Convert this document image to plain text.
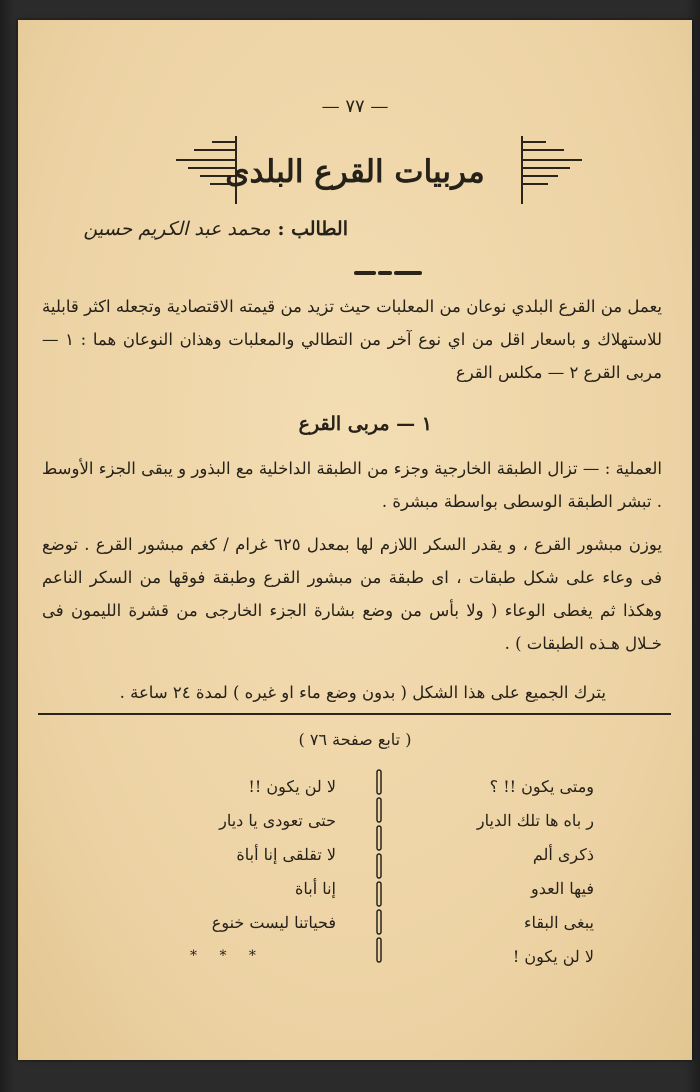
— ٧٧ —
مربيات القرع البلدى
الطالب : محمد عبد الكريم حسين
يعمل من القرع البلدي نوعان من المعلبات حيث تزيد من قيمته الاقتصادية وتجعله اكثر قابلية للاستهلاك و باسعار اقل من اي نوع آخر من التطالي والمعلبات وهذان النوعان هما : ١ — مربى القرع ٢ — مكلس القرع
١ — مربى القرع
العملية : — تزال الطبقة الخارجية وجزء من الطبقة الداخلية مع البذور و يبقى الجزء الأوسط . تبشر الطبقة الوسطى بواسطة مبشرة .
يوزن مبشور القرع ، و يقدر السكر اللازم لها بمعدل ٦٢٥ غرام / كغم مبشور القرع . توضع فى وعاء على شكل طبقات ، اى طبقة من مبشور القرع وطبقة فوقها من السكر الناعم وهكذا ثم يغطى الوعاء ( ولا بأس من وضع بشارة الجزء الخارجى من قشرة الليمون فى خـلال هـذه الطبقات ) .
يترك الجميع على هذا الشكل ( بدون وضع ماء او غيره ) لمدة ٢٤ ساعة .
( تابع صفحة ٧٦ )
ومتى يكون !! ؟
ر باه ها تلك الديار
ذكرى ألم
فيها العدو
يبغى البقاء
لا لن يكون !
لا لن يكون !!
حتى تعودى يا ديار
لا تقلقى إنا أباة
إنا أباة
فحياتنا ليست خنوع
* * *
